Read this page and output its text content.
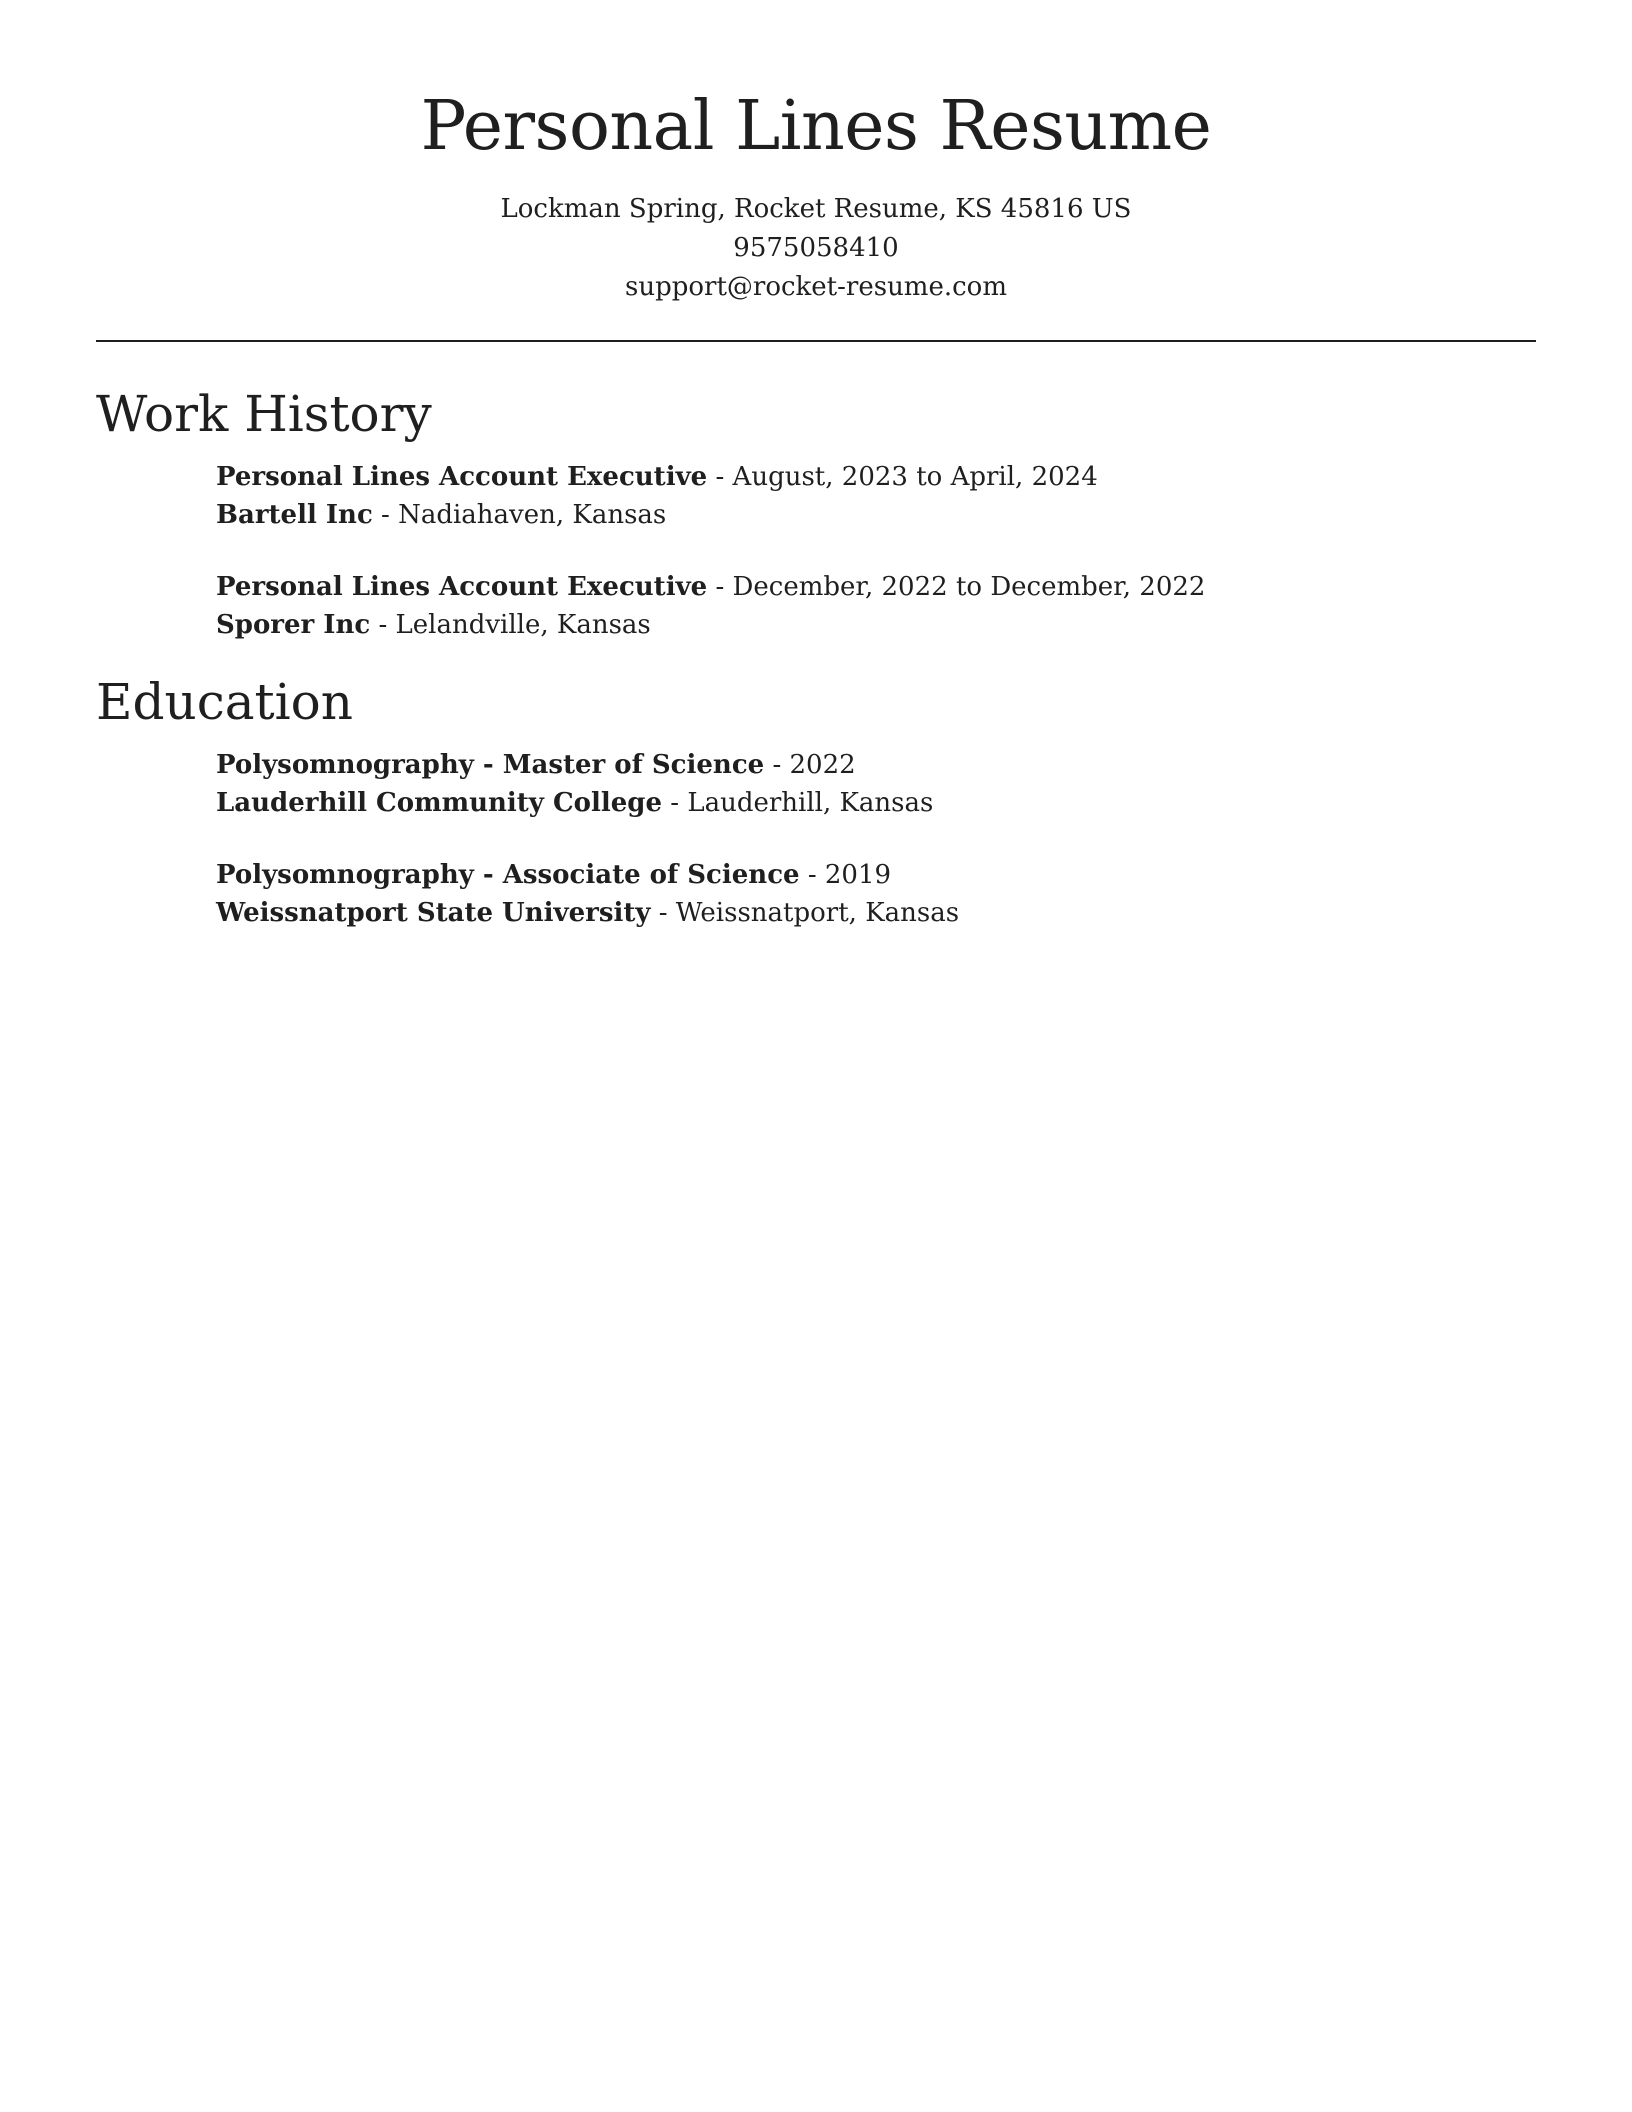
Personal Lines Resume
Lockman Spring, Rocket Resume, KS 45816 US
9575058410
support@rocket-resume.com
Work History
Personal Lines Account Executive - August, 2023 to April, 2024
Bartell Inc - Nadiahaven, Kansas
Personal Lines Account Executive - December, 2022 to December, 2022
Sporer Inc - Lelandville, Kansas
Education
Polysomnography - Master of Science - 2022
Lauderhill Community College - Lauderhill, Kansas
Polysomnography - Associate of Science - 2019
Weissnatport State University - Weissnatport, Kansas
